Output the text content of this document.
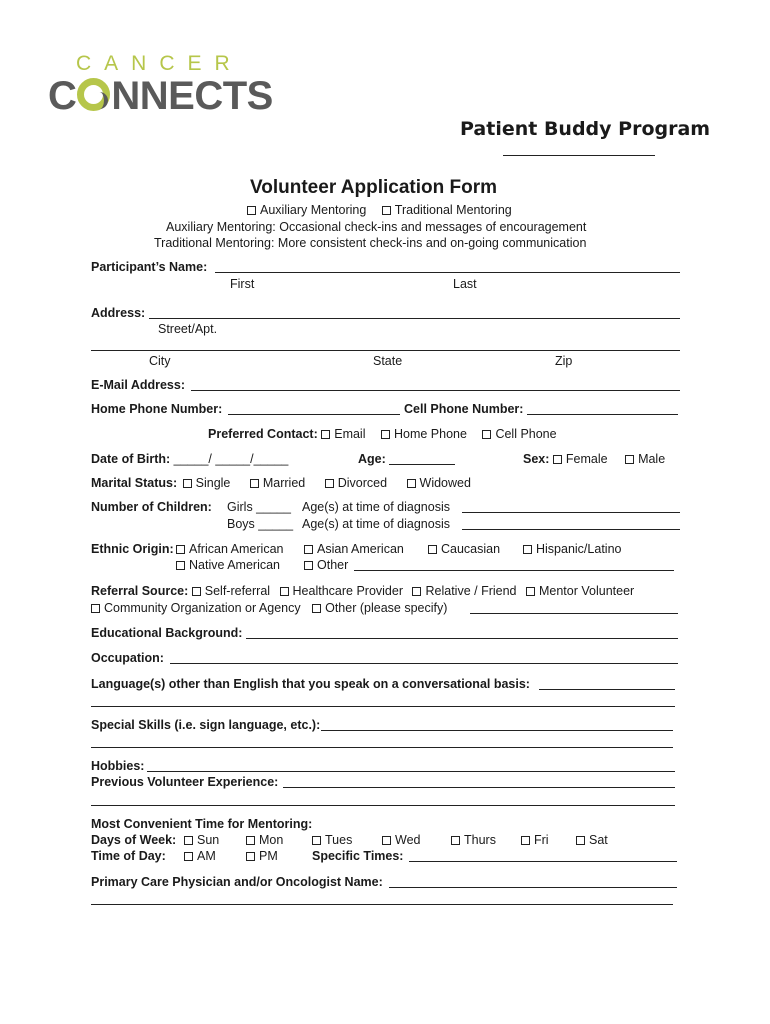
CANCER
C NNECTS
Patient Buddy Program
Volunteer Application Form
Auxiliary Mentoring Traditional Mentoring
Auxiliary Mentoring: Occasional check-ins and messages of encouragement
Traditional Mentoring: More consistent check-ins and on-going communication
Participant’s Name:
First	Last
Address:
Street/Apt.
City	State	Zip
E-Mail Address:
Home Phone Number:	Cell Phone Number:
Preferred Contact: Email Home Phone Cell Phone
Date of Birth: _____/ _____/_____	Age:	Sex: Female Male
Marital Status: Single	Married	Divorced	Widowed
Number of Children: Girls _____ Age(s) at time of diagnosis
Boys _____ Age(s) at time of diagnosis
Ethnic Origin:	African American	Asian American	Caucasian	Hispanic/Latino
Native American	Other
Referral Source: Self-referral Healthcare Provider Relative / Friend Mentor Volunteer
Community Organization or Agency Other (please specify)
Educational Background:
Occupation:
Language(s) other than English that you speak on a conversational basis:
Special Skills (i.e. sign language, etc.):
Hobbies:
Previous Volunteer Experience:
Most Convenient Time for Mentoring:
Days of Week:	Sun	Mon	Tues	Wed	Thurs	Fri	Sat
Time of Day:	AM	PM	Specific Times:
Primary Care Physician and/or Oncologist Name:
